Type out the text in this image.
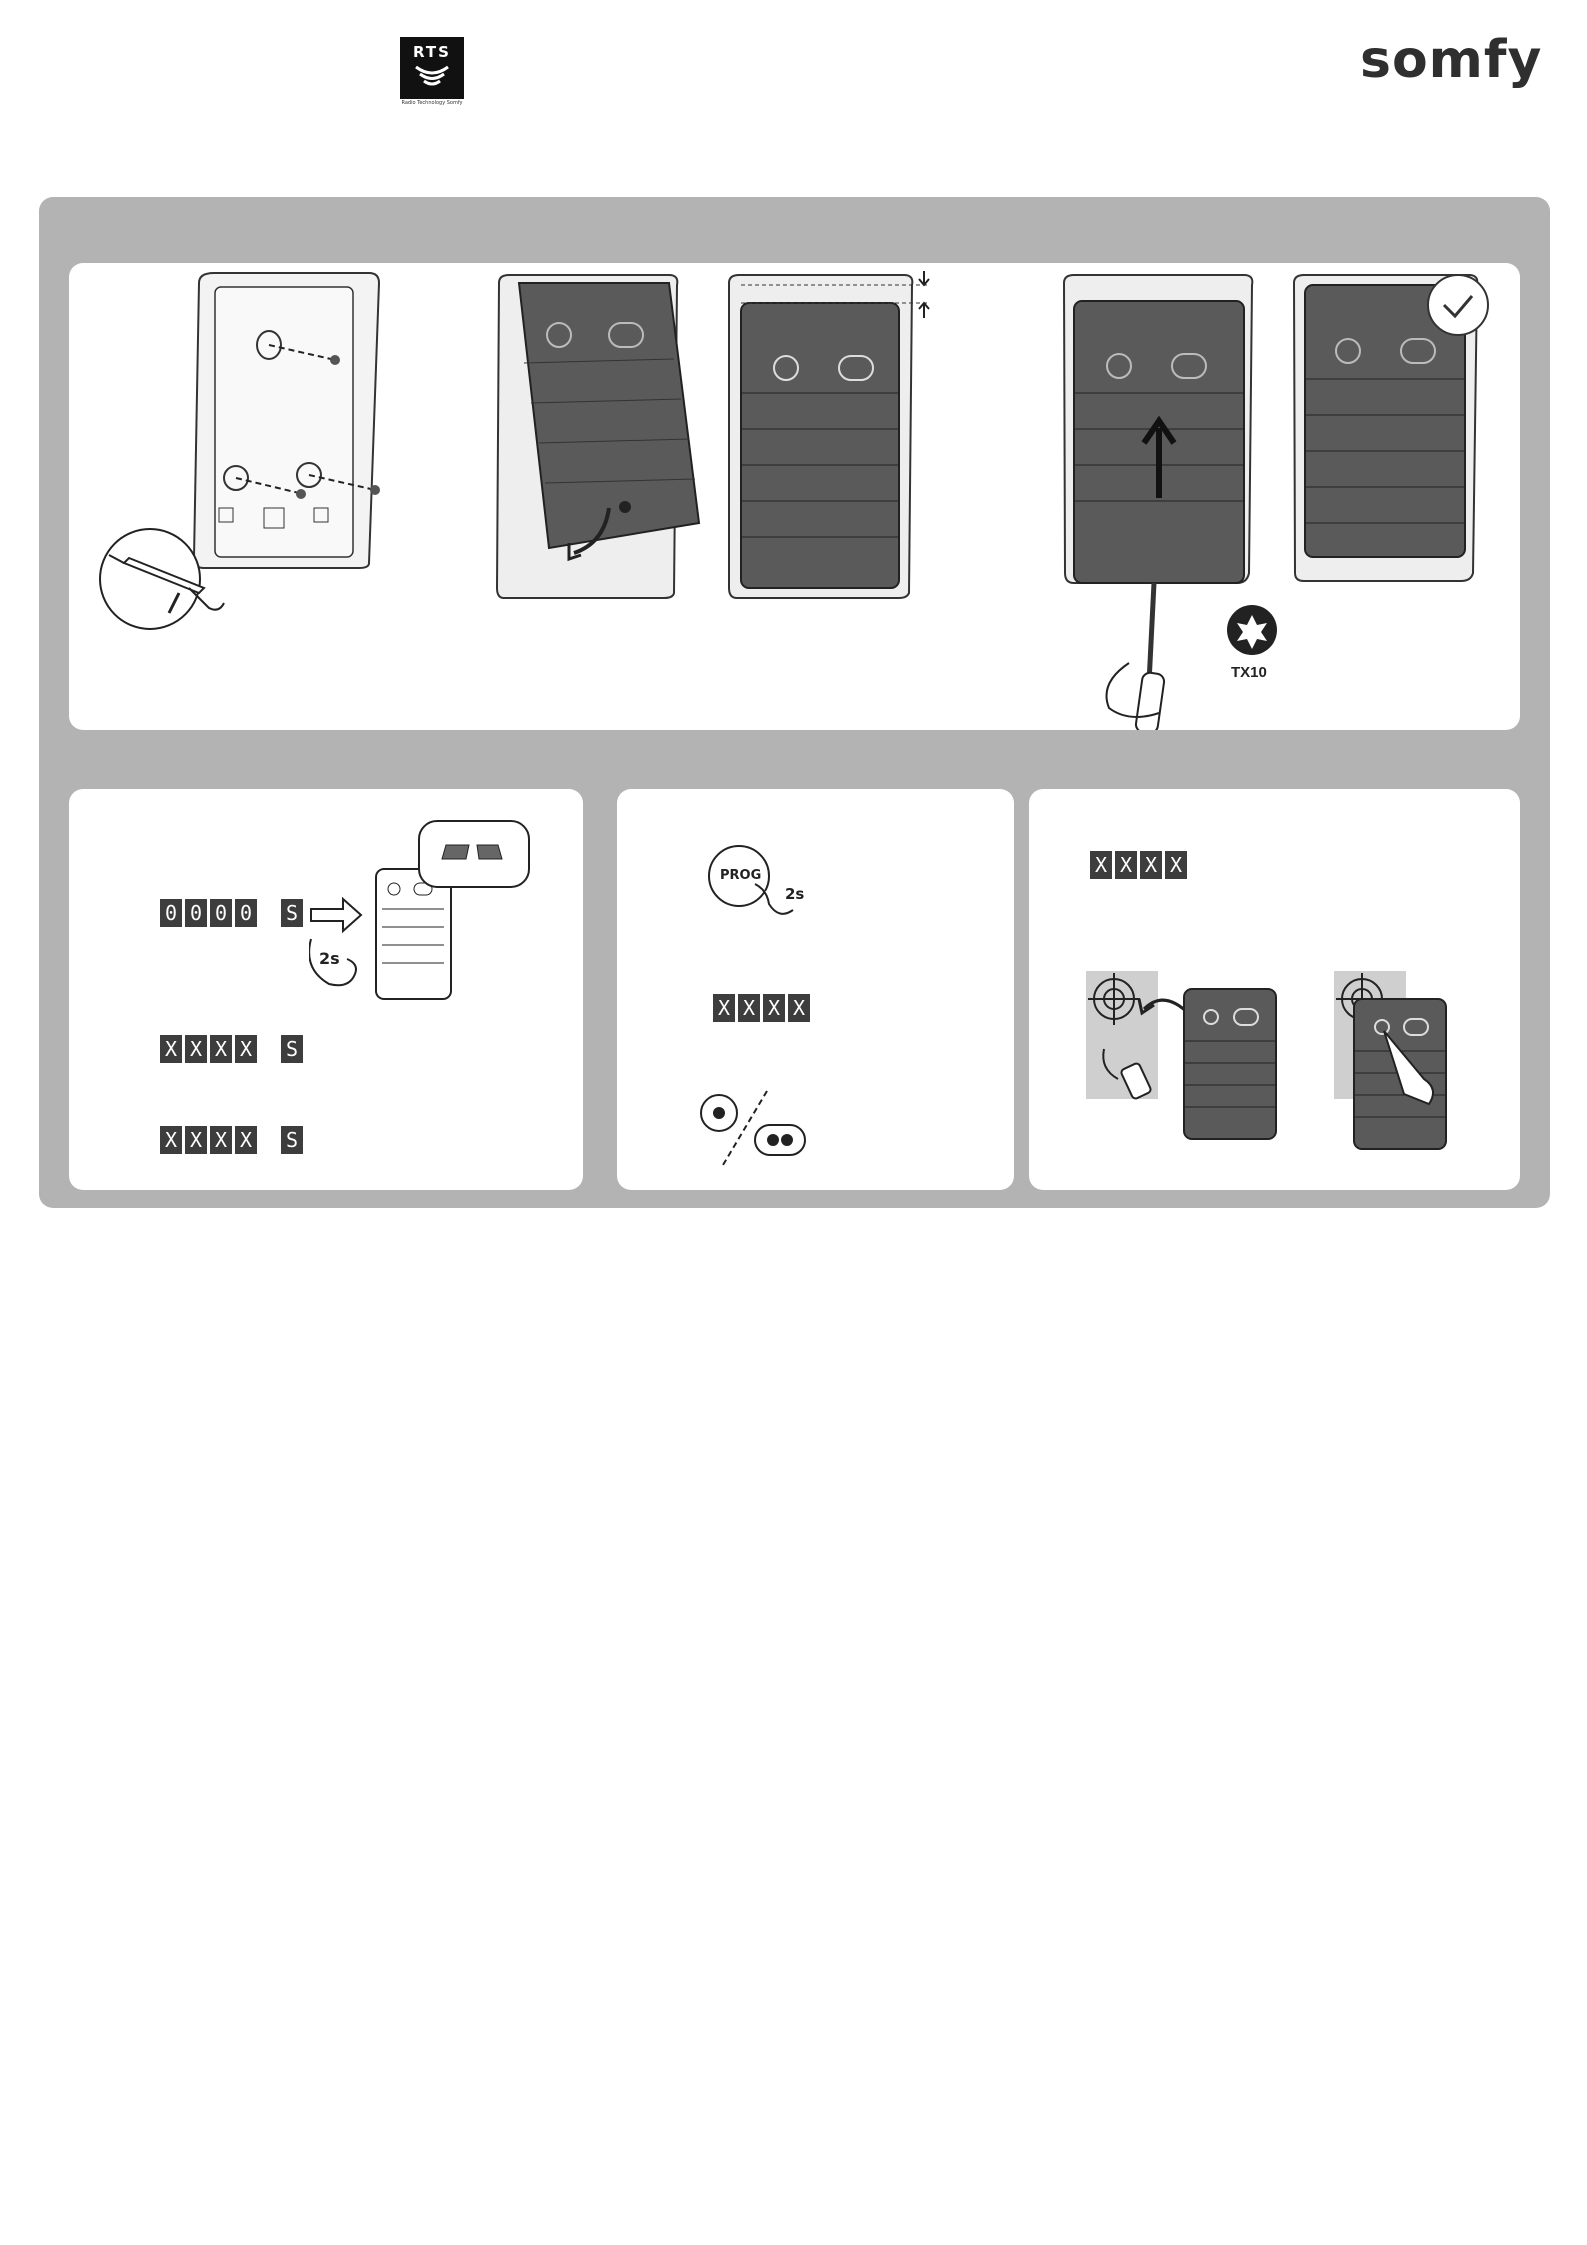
RTS
Radio Technology Somfy
somfy
TX10
0 0 0 0 S
2s
X X X X S
X X X X S
PROG
2s
X X X X
X X X X
